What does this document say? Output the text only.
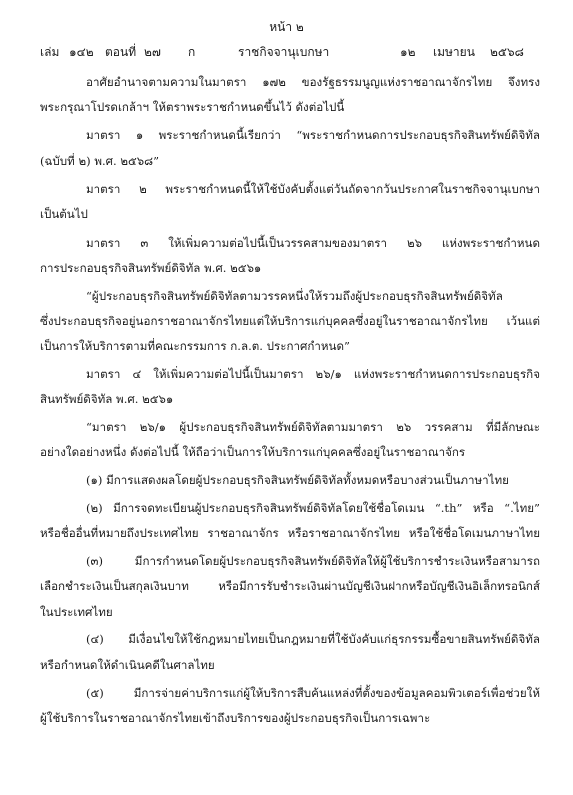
หน้า ๒
เล่ม ๑๔๒ ตอนที่ ๒๗ ก	ราชกิจจานุเบกษา	๑๒ เมษายน ๒๕๖๘
อาศัยอำนาจตามความในมาตรา ๑๗๒ ของรัฐธรรมนูญแห่งราชอาณาจักรไทย จึงทรง
พระกรุณาโปรดเกล้าฯ ให้ตราพระราชกำหนดขึ้นไว้ ดังต่อไปนี้
มาตรา ๑ พระราชกำหนดนี้เรียกว่า “พระราชกำหนดการประกอบธุรกิจสินทรัพย์ดิจิทัล
(ฉบับที่ ๒) พ.ศ. ๒๕๖๘”
มาตรา ๒ พระราชกำหนดนี้ให้ใช้บังคับตั้งแต่วันถัดจากวันประกาศในราชกิจจานุเบกษา
เป็นต้นไป
มาตรา ๓ ให้เพิ่มความต่อไปนี้เป็นวรรคสามของมาตรา ๒๖ แห่งพระราชกำหนด
การประกอบธุรกิจสินทรัพย์ดิจิทัล พ.ศ. ๒๕๖๑
“ผู้ประกอบธุรกิจสินทรัพย์ดิจิทัลตามวรรคหนึ่งให้รวมถึงผู้ประกอบธุรกิจสินทรัพย์ดิจิทัล
ซึ่งประกอบธุรกิจอยู่นอกราชอาณาจักรไทยแต่ให้บริการแก่บุคคลซึ่งอยู่ในราชอาณาจักรไทย เว้นแต่
เป็นการให้บริการตามที่คณะกรรมการ ก.ล.ต. ประกาศกำหนด”
มาตรา ๔ ให้เพิ่มความต่อไปนี้เป็นมาตรา ๒๖/๑ แห่งพระราชกำหนดการประกอบธุรกิจ
สินทรัพย์ดิจิทัล พ.ศ. ๒๕๖๑
“มาตรา ๒๖/๑ ผู้ประกอบธุรกิจสินทรัพย์ดิจิทัลตามมาตรา ๒๖ วรรคสาม ที่มีลักษณะ
อย่างใดอย่างหนึ่ง ดังต่อไปนี้ ให้ถือว่าเป็นการให้บริการแก่บุคคลซึ่งอยู่ในราชอาณาจักร
(๑) มีการแสดงผลโดยผู้ประกอบธุรกิจสินทรัพย์ดิจิทัลทั้งหมดหรือบางส่วนเป็นภาษาไทย
(๒) มีการจดทะเบียนผู้ประกอบธุรกิจสินทรัพย์ดิจิทัลโดยใช้ชื่อโดเมน “.th” หรือ “.ไทย”
หรือชื่ออื่นที่หมายถึงประเทศไทย ราชอาณาจักร หรือราชอาณาจักรไทย หรือใช้ชื่อโดเมนภาษาไทย
(๓) มีการกำหนดโดยผู้ประกอบธุรกิจสินทรัพย์ดิจิทัลให้ผู้ใช้บริการชำระเงินหรือสามารถ
เลือกชำระเงินเป็นสกุลเงินบาท หรือมีการรับชำระเงินผ่านบัญชีเงินฝากหรือบัญชีเงินอิเล็กทรอนิกส์
ในประเทศไทย
(๔) มีเงื่อนไขให้ใช้กฎหมายไทยเป็นกฎหมายที่ใช้บังคับแก่ธุรกรรมซื้อขายสินทรัพย์ดิจิทัล
หรือกำหนดให้ดำเนินคดีในศาลไทย
(๕) มีการจ่ายค่าบริการแก่ผู้ให้บริการสืบค้นแหล่งที่ตั้งของข้อมูลคอมพิวเตอร์เพื่อช่วยให้
ผู้ใช้บริการในราชอาณาจักรไทยเข้าถึงบริการของผู้ประกอบธุรกิจเป็นการเฉพาะ
